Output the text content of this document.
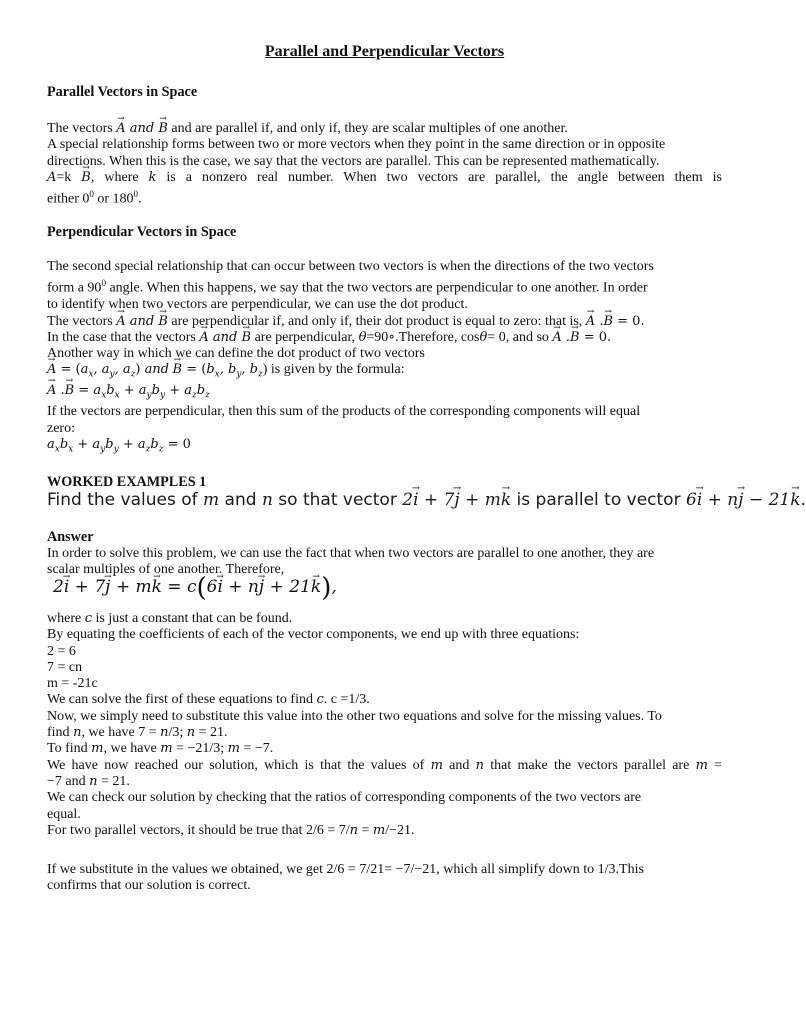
Parallel and Perpendicular Vectors
Parallel Vectors in Space
The vectors → A and → B and are parallel if, and only if, they are scalar multiples of one another.
A special relationship forms between two or more vectors when they point in the same direction or in opposite
directions. When this is the case, we say that the vectors are parallel. This can be represented mathematically.
A=k → B, where k is a nonzero real number. When two vectors are parallel, the angle between them is
either $0^0$ or $180^0$.
Perpendicular Vectors in Space
The second special relationship that can occur between two vectors is when the directions of the two vectors
form a $90^0$ angle. When this happens, we say that the two vectors are perpendicular to one another. In order
to identify when two vectors are perpendicular, we can use the dot product.
The vectors → A and → B are perpendicular if, and only if, their dot product is equal to zero: that is, → A .→ B = 0.
In the case that the vectors → A and → B are perpendicular, θ=90∘.Therefore, cosθ= 0, and so → A .→ B = 0.
Another way in which we can define the dot product of two vectors
→ $A = (a_x$, $a_y$, $a_z$) and → $B = (b_x$, $b_y$, $b_z$) is given by the formula:
→ A .→ $B = a_xb_x + a_yb_y + a_zb_z$
If the vectors are perpendicular, then this sum of the products of the corresponding components will equal
zero:
$a_xb_x + a_yb_y + a_zb_z = 0$
WORKED EXAMPLES 1
Find the values of m and n so that vector 2→ i + 7→ j + m→ k is parallel to vector 6→ i + n→ j − 21→ k.
Answer
In order to solve this problem, we can use the fact that when two vectors are parallel to one another, they are
scalar multiples of one another. Therefore,
2→ i + 7→ j + m→ k = c(6→ i + n→ j + 21→ k),
where c is just a constant that can be found.
By equating the coefficients of each of the vector components, we end up with three equations:
2 = 6
7 = cn
m = -21c
We can solve the first of these equations to find c. c =1/3.
Now, we simply need to substitute this value into the other two equations and solve for the missing values. To
find n, we have 7 = n/3; n = 21.
To find m, we have m = −21/3; m = −7.
We have now reached our solution, which is that the values of m and n that make the vectors parallel are m =
−7 and n = 21.
We can check our solution by checking that the ratios of corresponding components of the two vectors are
equal.
For two parallel vectors, it should be true that 2/6 = 7/n = m/−21.
If we substitute in the values we obtained, we get 2/6 = 7/21= −7/−21, which all simplify down to 1/3.This
confirms that our solution is correct.
